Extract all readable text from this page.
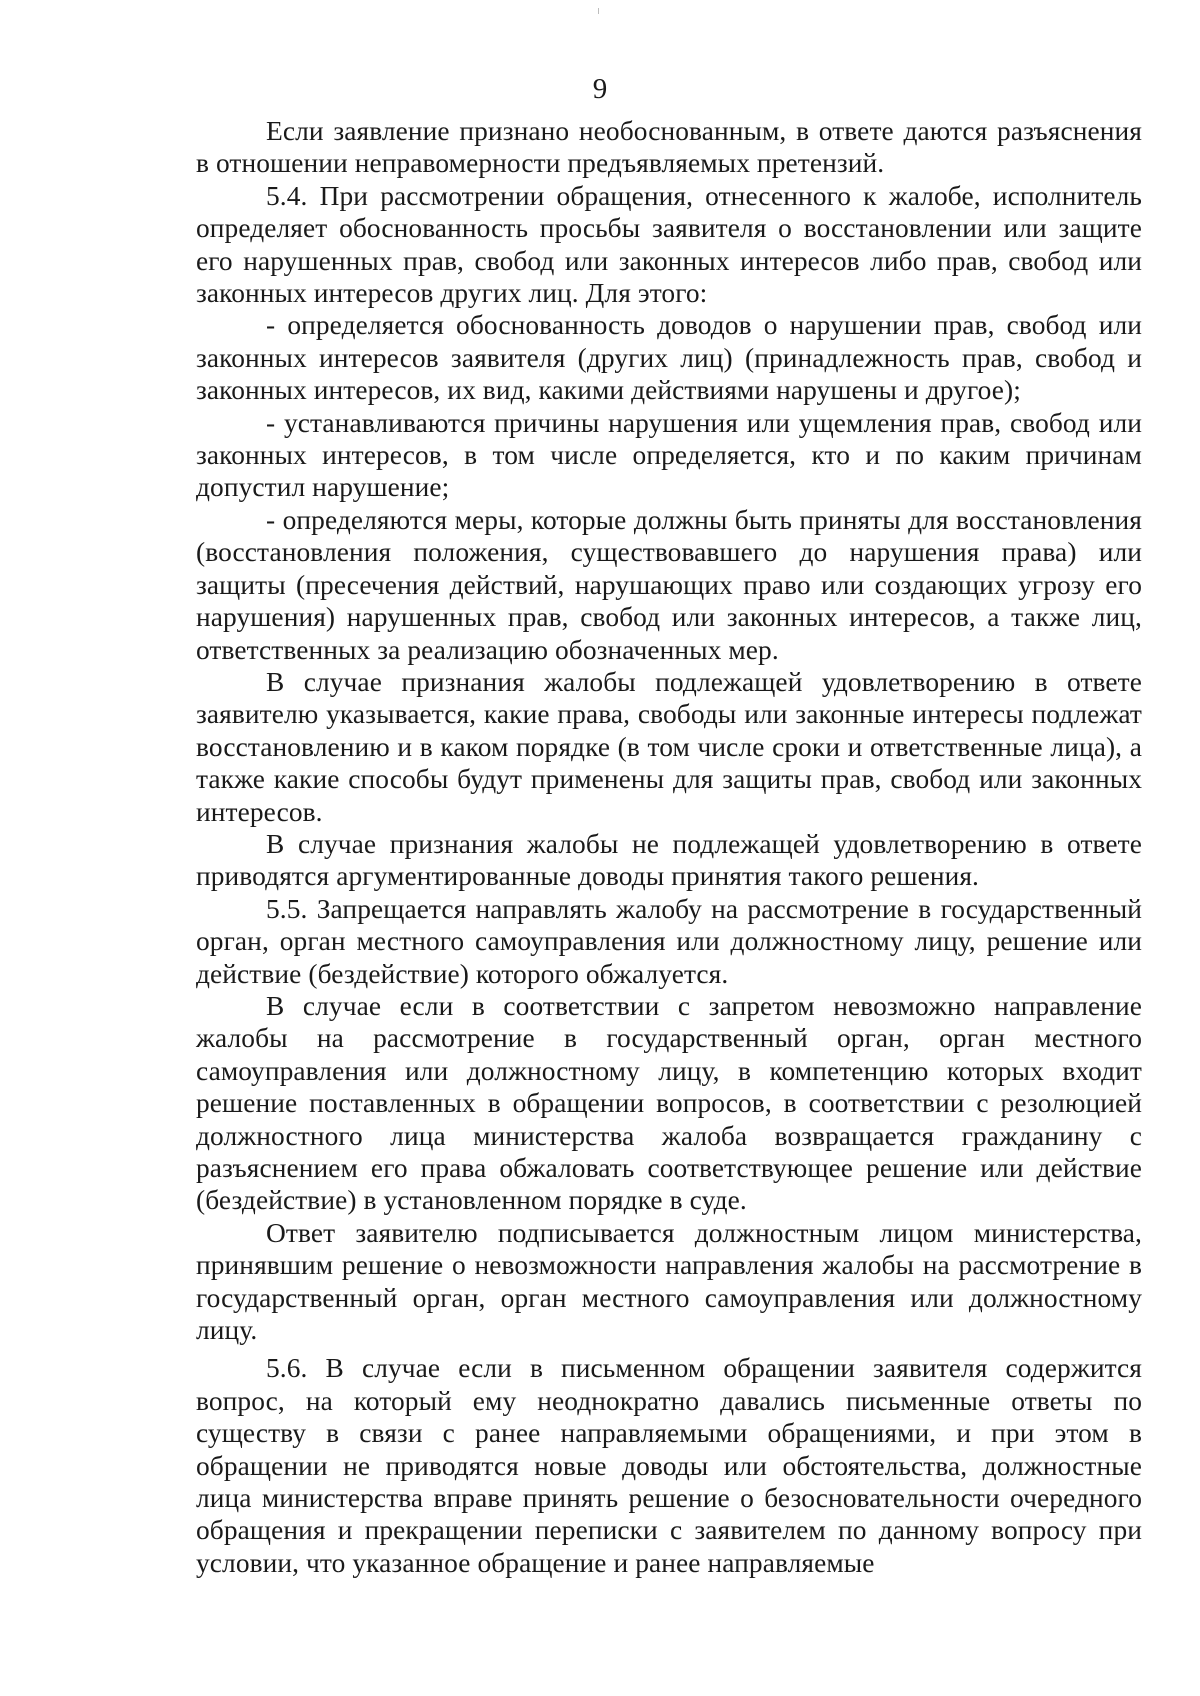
9

Если заявление признано необоснованным, в ответе даются разъяснения в отношении неправомерности предъявляемых претензий.

5.4. При рассмотрении обращения, отнесенного к жалобе, исполнитель определяет обоснованность просьбы заявителя о восстановлении или защите его нарушенных прав, свобод или законных интересов либо прав, свобод или законных интересов других лиц. Для этого:

- определяется обоснованность доводов о нарушении прав, свобод или законных интересов заявителя (других лиц) (принадлежность прав, свобод и законных интересов, их вид, какими действиями нарушены и другое);

- устанавливаются причины нарушения или ущемления прав, свобод или законных интересов, в том числе определяется, кто и по каким причинам допустил нарушение;

- определяются меры, которые должны быть приняты для восстановления (восстановления положения, существовавшего до нарушения права) или защиты (пресечения действий, нарушающих право или создающих угрозу его нарушения) нарушенных прав, свобод или законных интересов, а также лиц, ответственных за реализацию обозначенных мер.

В случае признания жалобы подлежащей удовлетворению в ответе заявителю указывается, какие права, свободы или законные интересы подлежат восстановлению и в каком порядке (в том числе сроки и ответственные лица), а также какие способы будут применены для защиты прав, свобод или законных интересов.

В случае признания жалобы не подлежащей удовлетворению в ответе приводятся аргументированные доводы принятия такого решения.

5.5. Запрещается направлять жалобу на рассмотрение в государственный орган, орган местного самоуправления или должностному лицу, решение или действие (бездействие) которого обжалуется.

В случае если в соответствии с запретом невозможно направление жалобы на рассмотрение в государственный орган, орган местного самоуправления или должностному лицу, в компетенцию которых входит решение поставленных в обращении вопросов, в соответствии с резолюцией должностного лица министерства жалоба возвращается гражданину с разъяснением его права обжаловать соответствующее решение или действие (бездействие) в установленном порядке в суде.

Ответ заявителю подписывается должностным лицом министерства, принявшим решение о невозможности направления жалобы на рассмотрение в государственный орган, орган местного самоуправления или должностному лицу.

5.6. В случае если в письменном обращении заявителя содержится вопрос, на который ему неоднократно давались письменные ответы по существу в связи с ранее направляемыми обращениями, и при этом в обращении не приводятся новые доводы или обстоятельства, должностные лица министерства вправе принять решение о безосновательности очередного обращения и прекращении переписки с заявителем по данному вопросу при условии, что указанное обращение и ранее направляемые
